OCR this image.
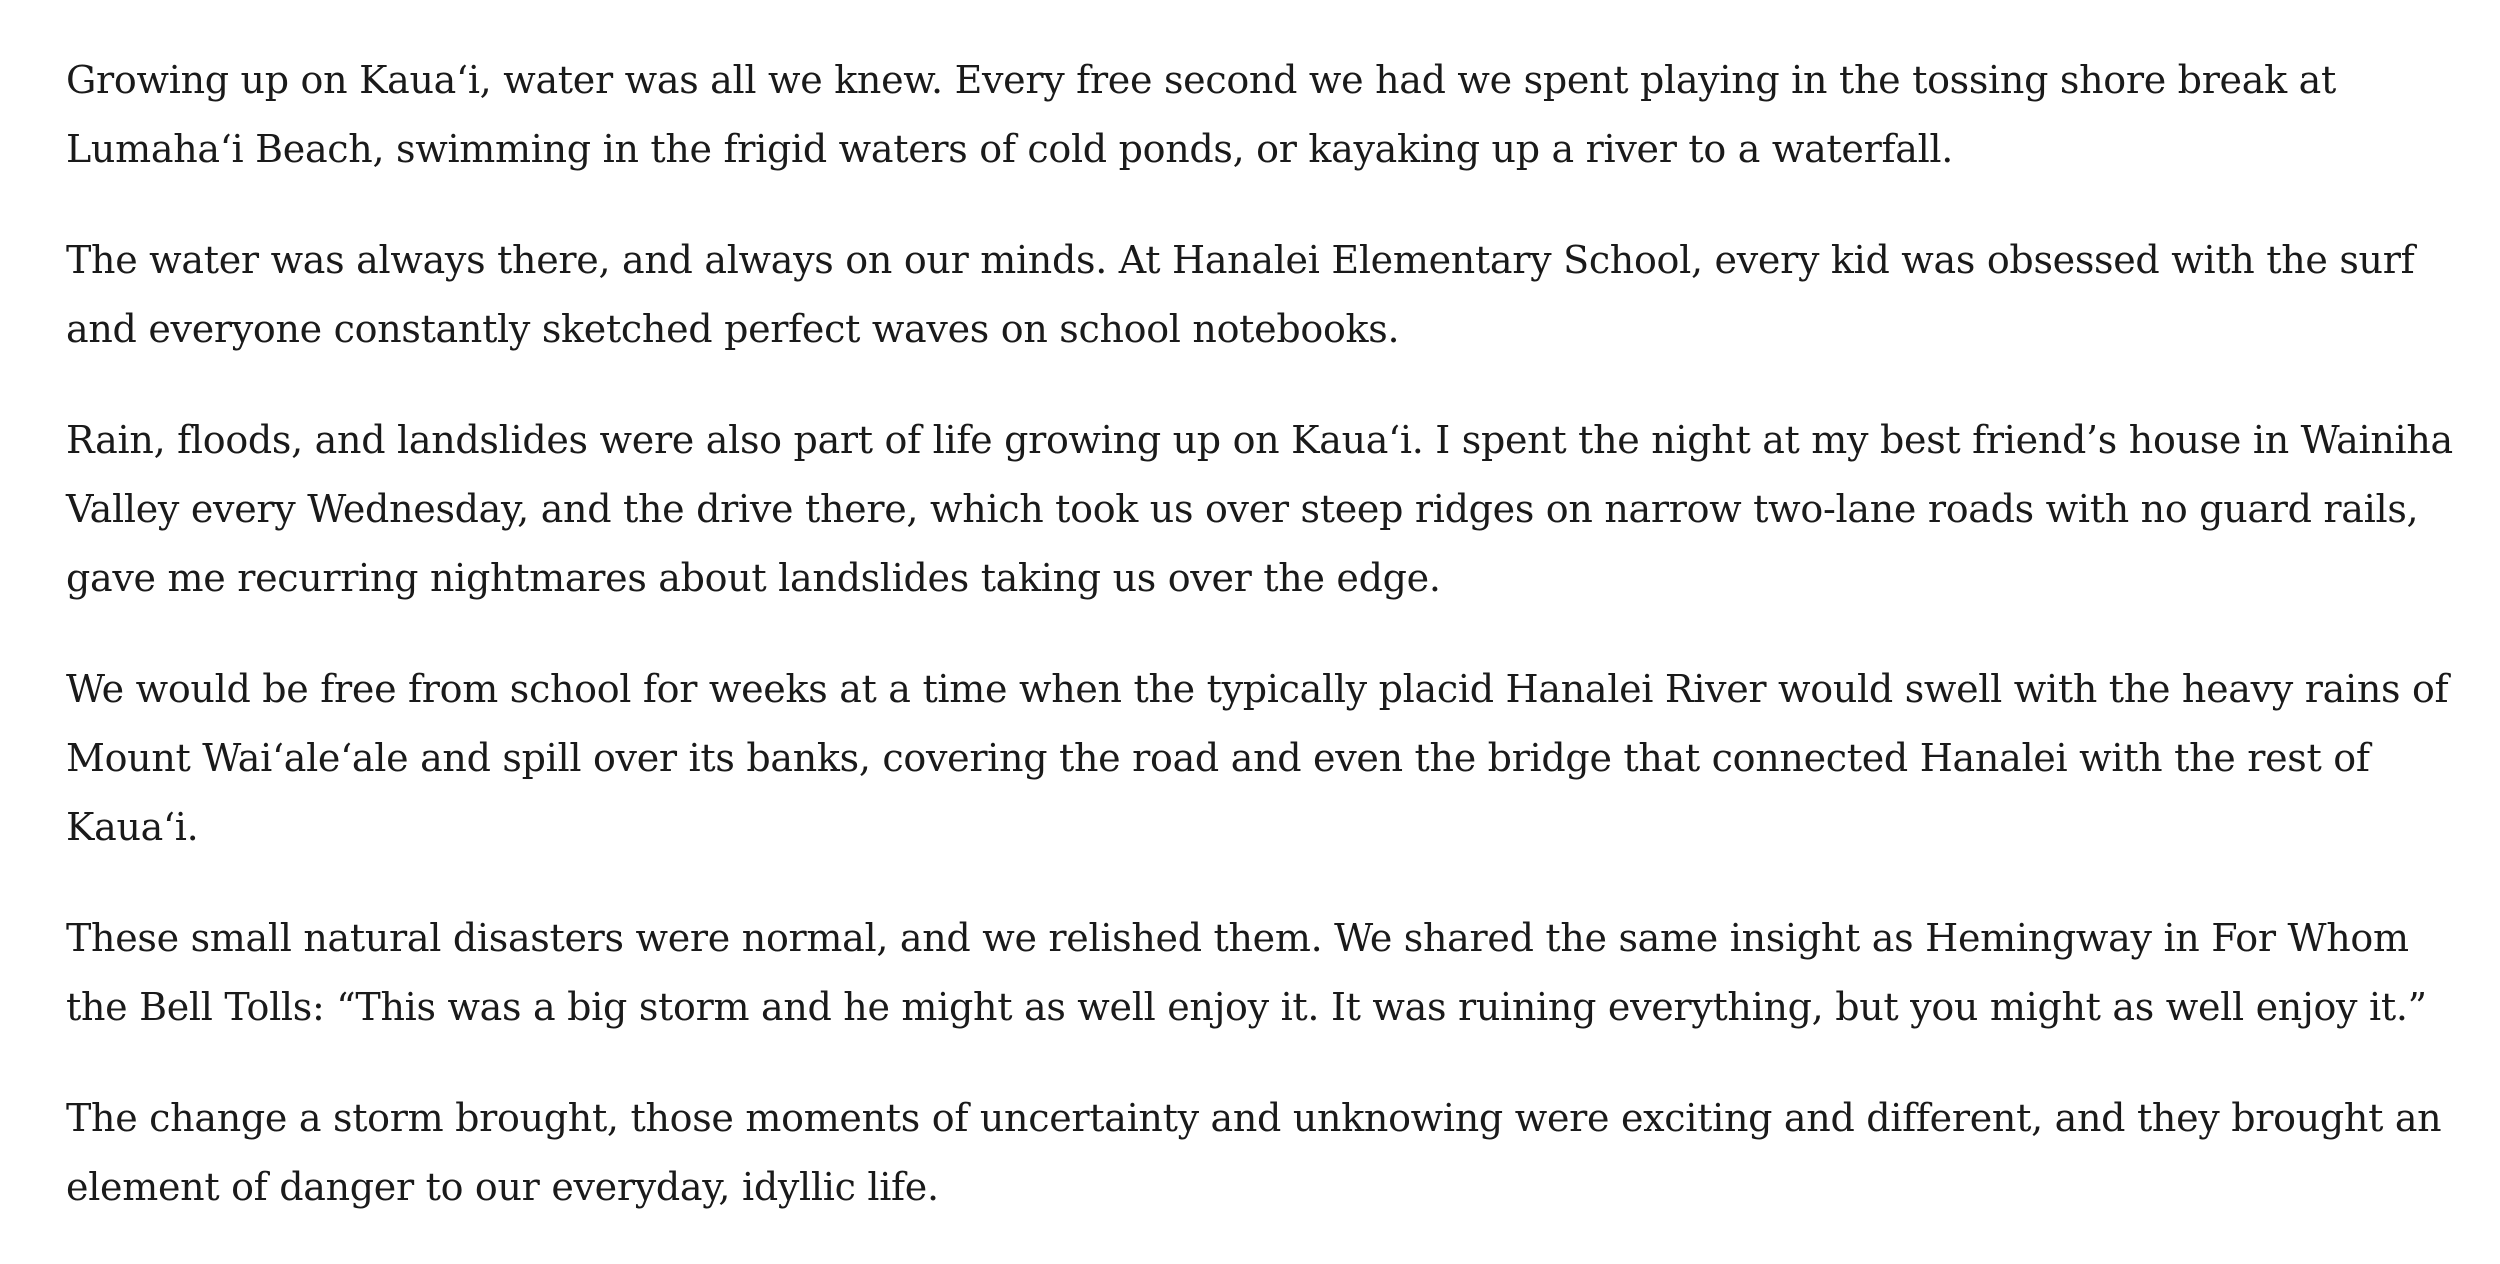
Growing up on Kaua‘i, water was all we knew. Every free second we had we spent playing in the tossing shore break at Lumaha‘i Beach, swimming in the frigid waters of cold ponds, or kayaking up a river to a waterfall.

The water was always there, and always on our minds. At Hanalei Elementary School, every kid was obsessed with the surf and everyone constantly sketched perfect waves on school notebooks.

Rain, floods, and landslides were also part of life growing up on Kaua‘i. I spent the night at my best friend’s house in Wainiha Valley every Wednesday, and the drive there, which took us over steep ridges on narrow two-lane roads with no guard rails, gave me recurring nightmares about landslides taking us over the edge.

We would be free from school for weeks at a time when the typically placid Hanalei River would swell with the heavy rains of Mount Wai‘ale‘ale and spill over its banks, covering the road and even the bridge that connected Hanalei with the rest of Kaua‘i.

These small natural disasters were normal, and we relished them. We shared the same insight as Hemingway in For Whom the Bell Tolls: “This was a big storm and he might as well enjoy it. It was ruining everything, but you might as well enjoy it.”

The change a storm brought, those moments of uncertainty and unknowing were exciting and different, and they brought an element of danger to our everyday, idyllic life.
